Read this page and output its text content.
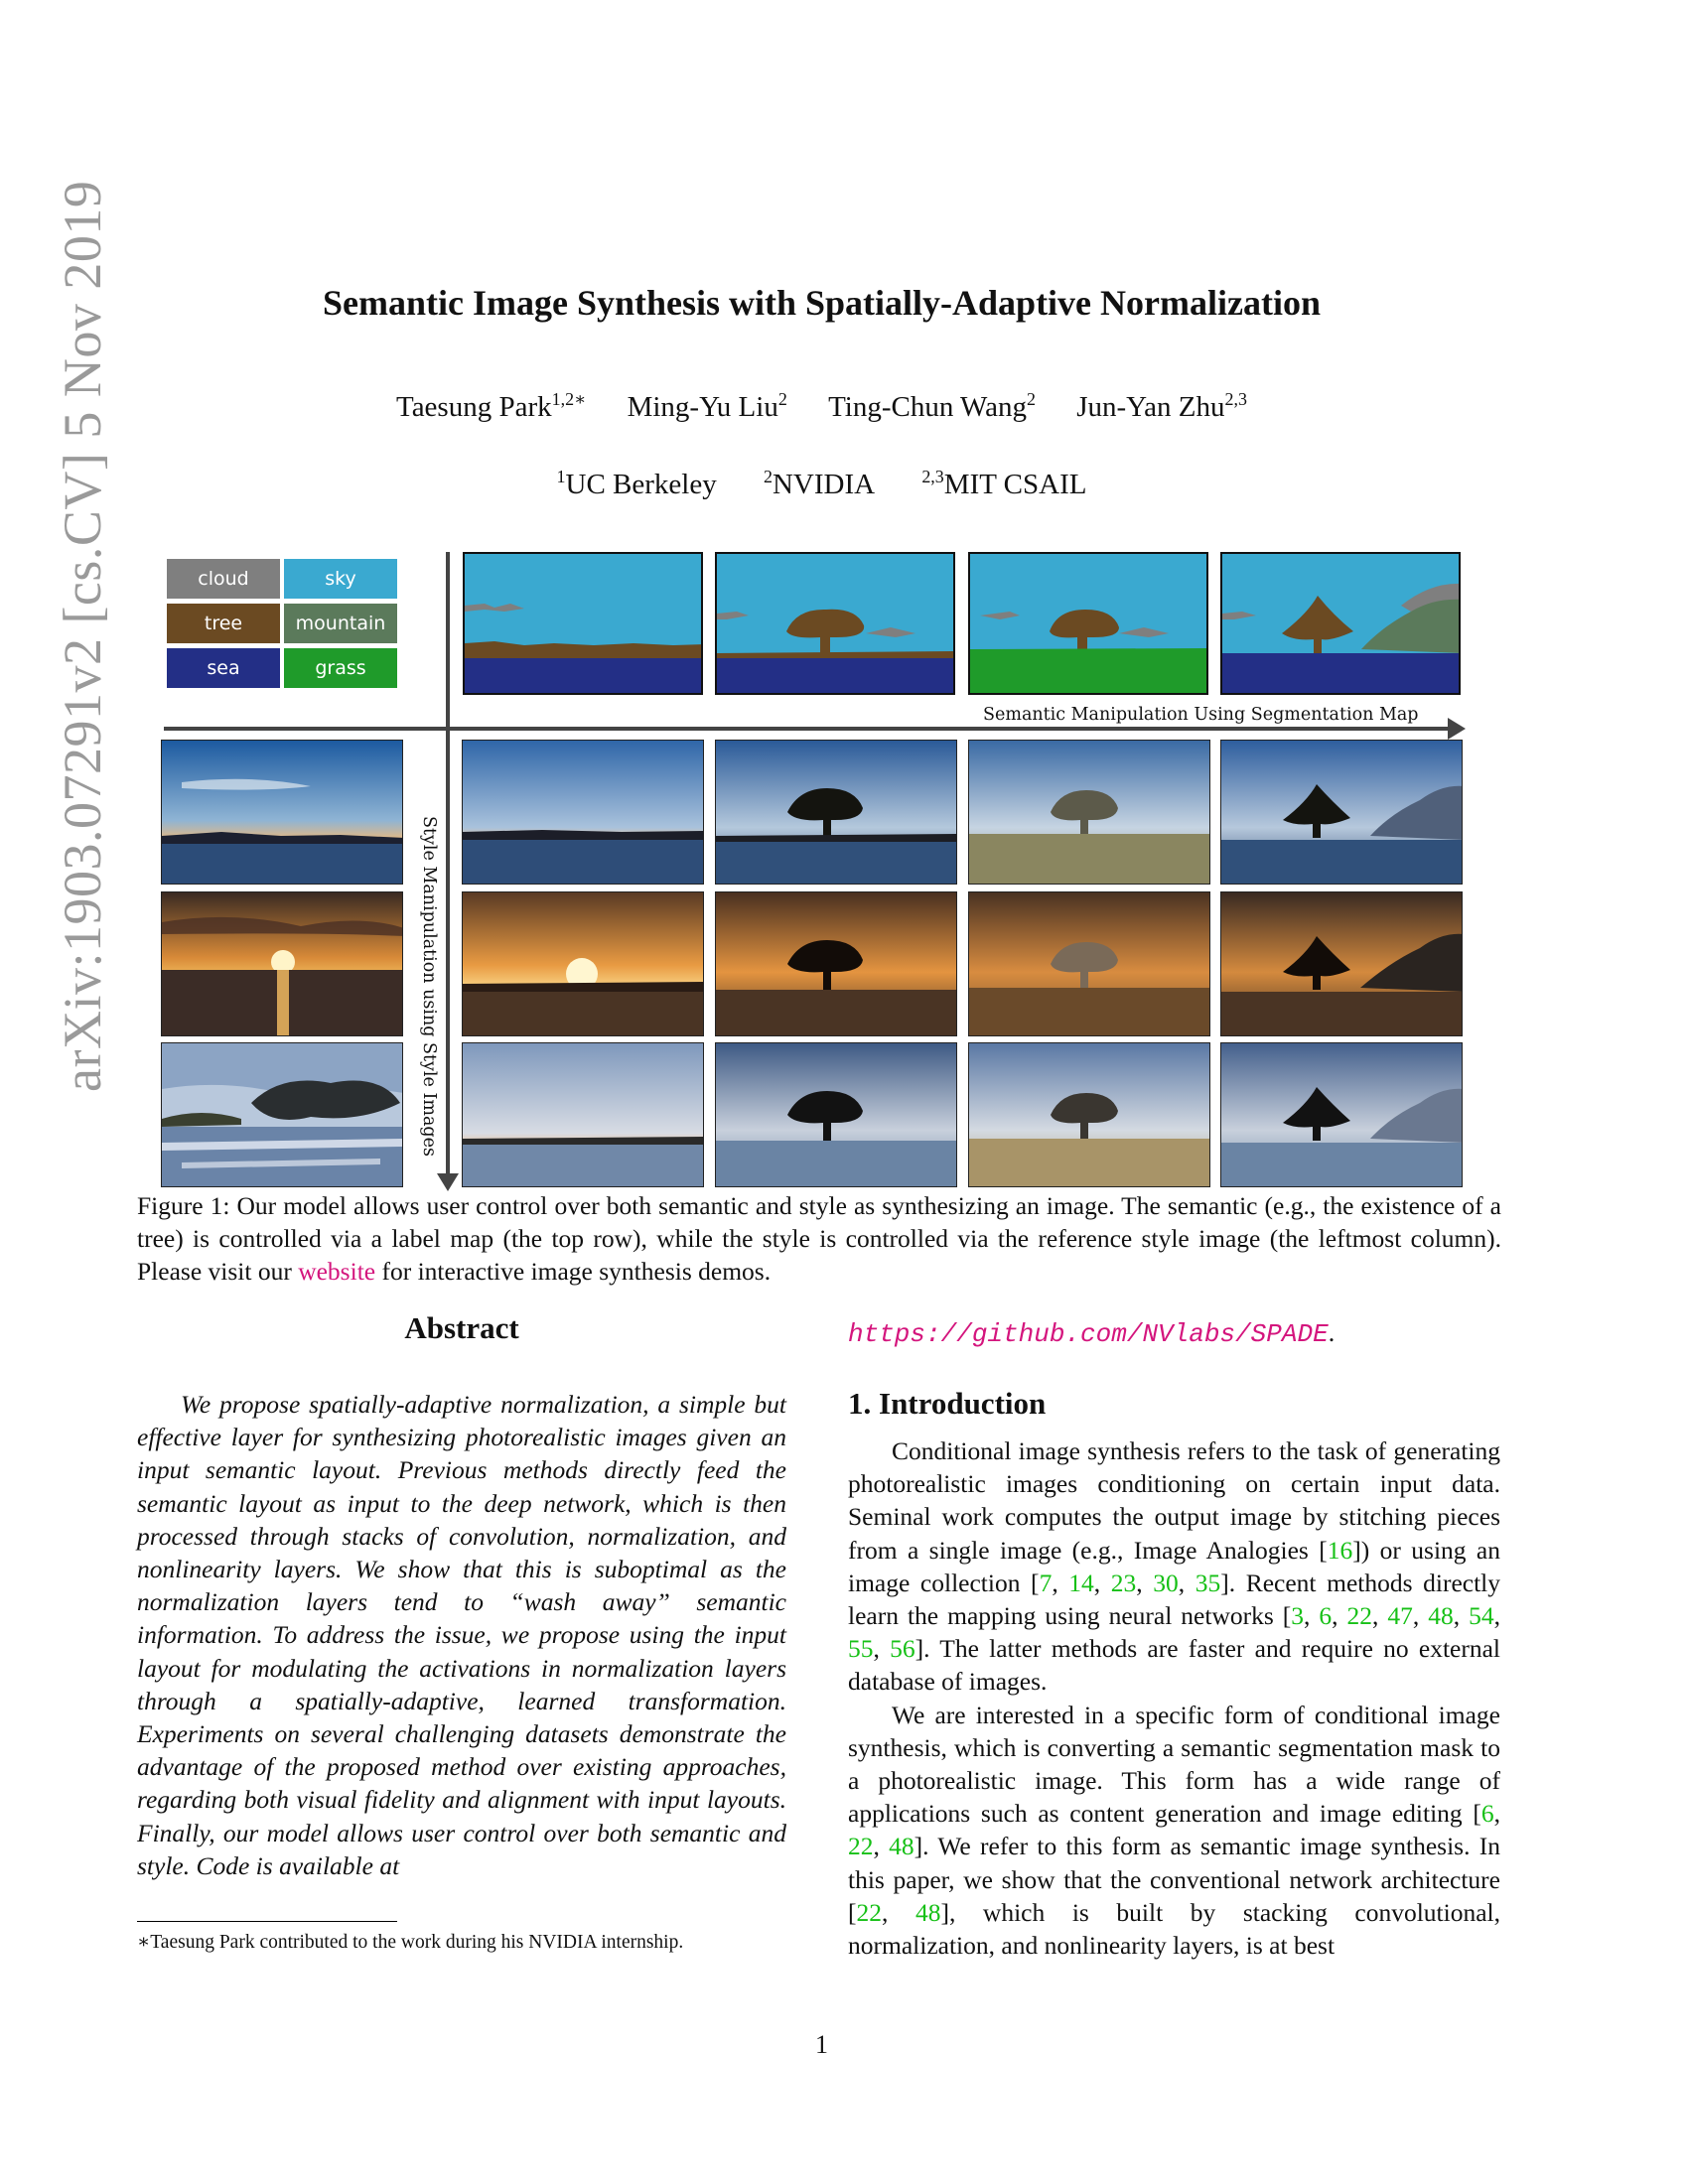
arXiv:1903.07291v2 [cs.CV] 5 Nov 2019	Semantic Image Synthesis with Spatially-Adaptive Normalization
Taesung Park$^{1,2∗}$ Ming-Yu Liu$^2$ Ting-Chun Wang$^2$ Jun-Yan Zhu$^{2,3}$
$^1$UC Berkeley	$^2$NVIDIA	$^{2,3}$MIT CSAIL
cloud	sky
tree	mountain
sea	grass
Semantic Manipulation Using Segmentation Map
Style Manipulation using Style Images
Figure 1: Our model allows user control over both semantic and style as synthesizing an image. The semantic (e.g., the existence of a tree) is controlled via a label map (the top row), while the style is controlled via the reference style image (the leftmost column). Please visit our website for interactive image synthesis demos.
Abstract
We propose spatially-adaptive normalization, a simple but effective layer for synthesizing photorealistic images given an input semantic layout. Previous methods directly feed the semantic layout as input to the deep network, which is then processed through stacks of convolution, normalization, and nonlinearity layers. We show that this is suboptimal as the normalization layers tend to “wash away” semantic information. To address the issue, we propose using the input layout for modulating the activations in normalization layers through a spatially-adaptive, learned transformation. Experiments on several challenging datasets demonstrate the advantage of the proposed method over existing approaches, regarding both visual fidelity and alignment with input layouts. Finally, our model allows user control over both semantic and style. Code is available at
∗Taesung Park contributed to the work during his NVIDIA internship.
https://github.com/NVlabs/SPADE.
1. Introduction

Conditional image synthesis refers to the task of generating photorealistic images conditioning on certain input data. Seminal work computes the output image by stitching pieces from a single image (e.g., Image Analogies [16]) or using an image collection [7, 14, 23, 30, 35]. Recent methods directly learn the mapping using neural networks [3, 6, 22, 47, 48, 54, 55, 56]. The latter methods are faster and require no external database of images.

We are interested in a specific form of conditional image synthesis, which is converting a semantic segmentation mask to a photorealistic image. This form has a wide range of applications such as content generation and image editing [6, 22, 48]. We refer to this form as semantic image synthesis. In this paper, we show that the conventional network architecture [22, 48], which is built by stacking convolutional, normalization, and nonlinearity layers, is at best

1
